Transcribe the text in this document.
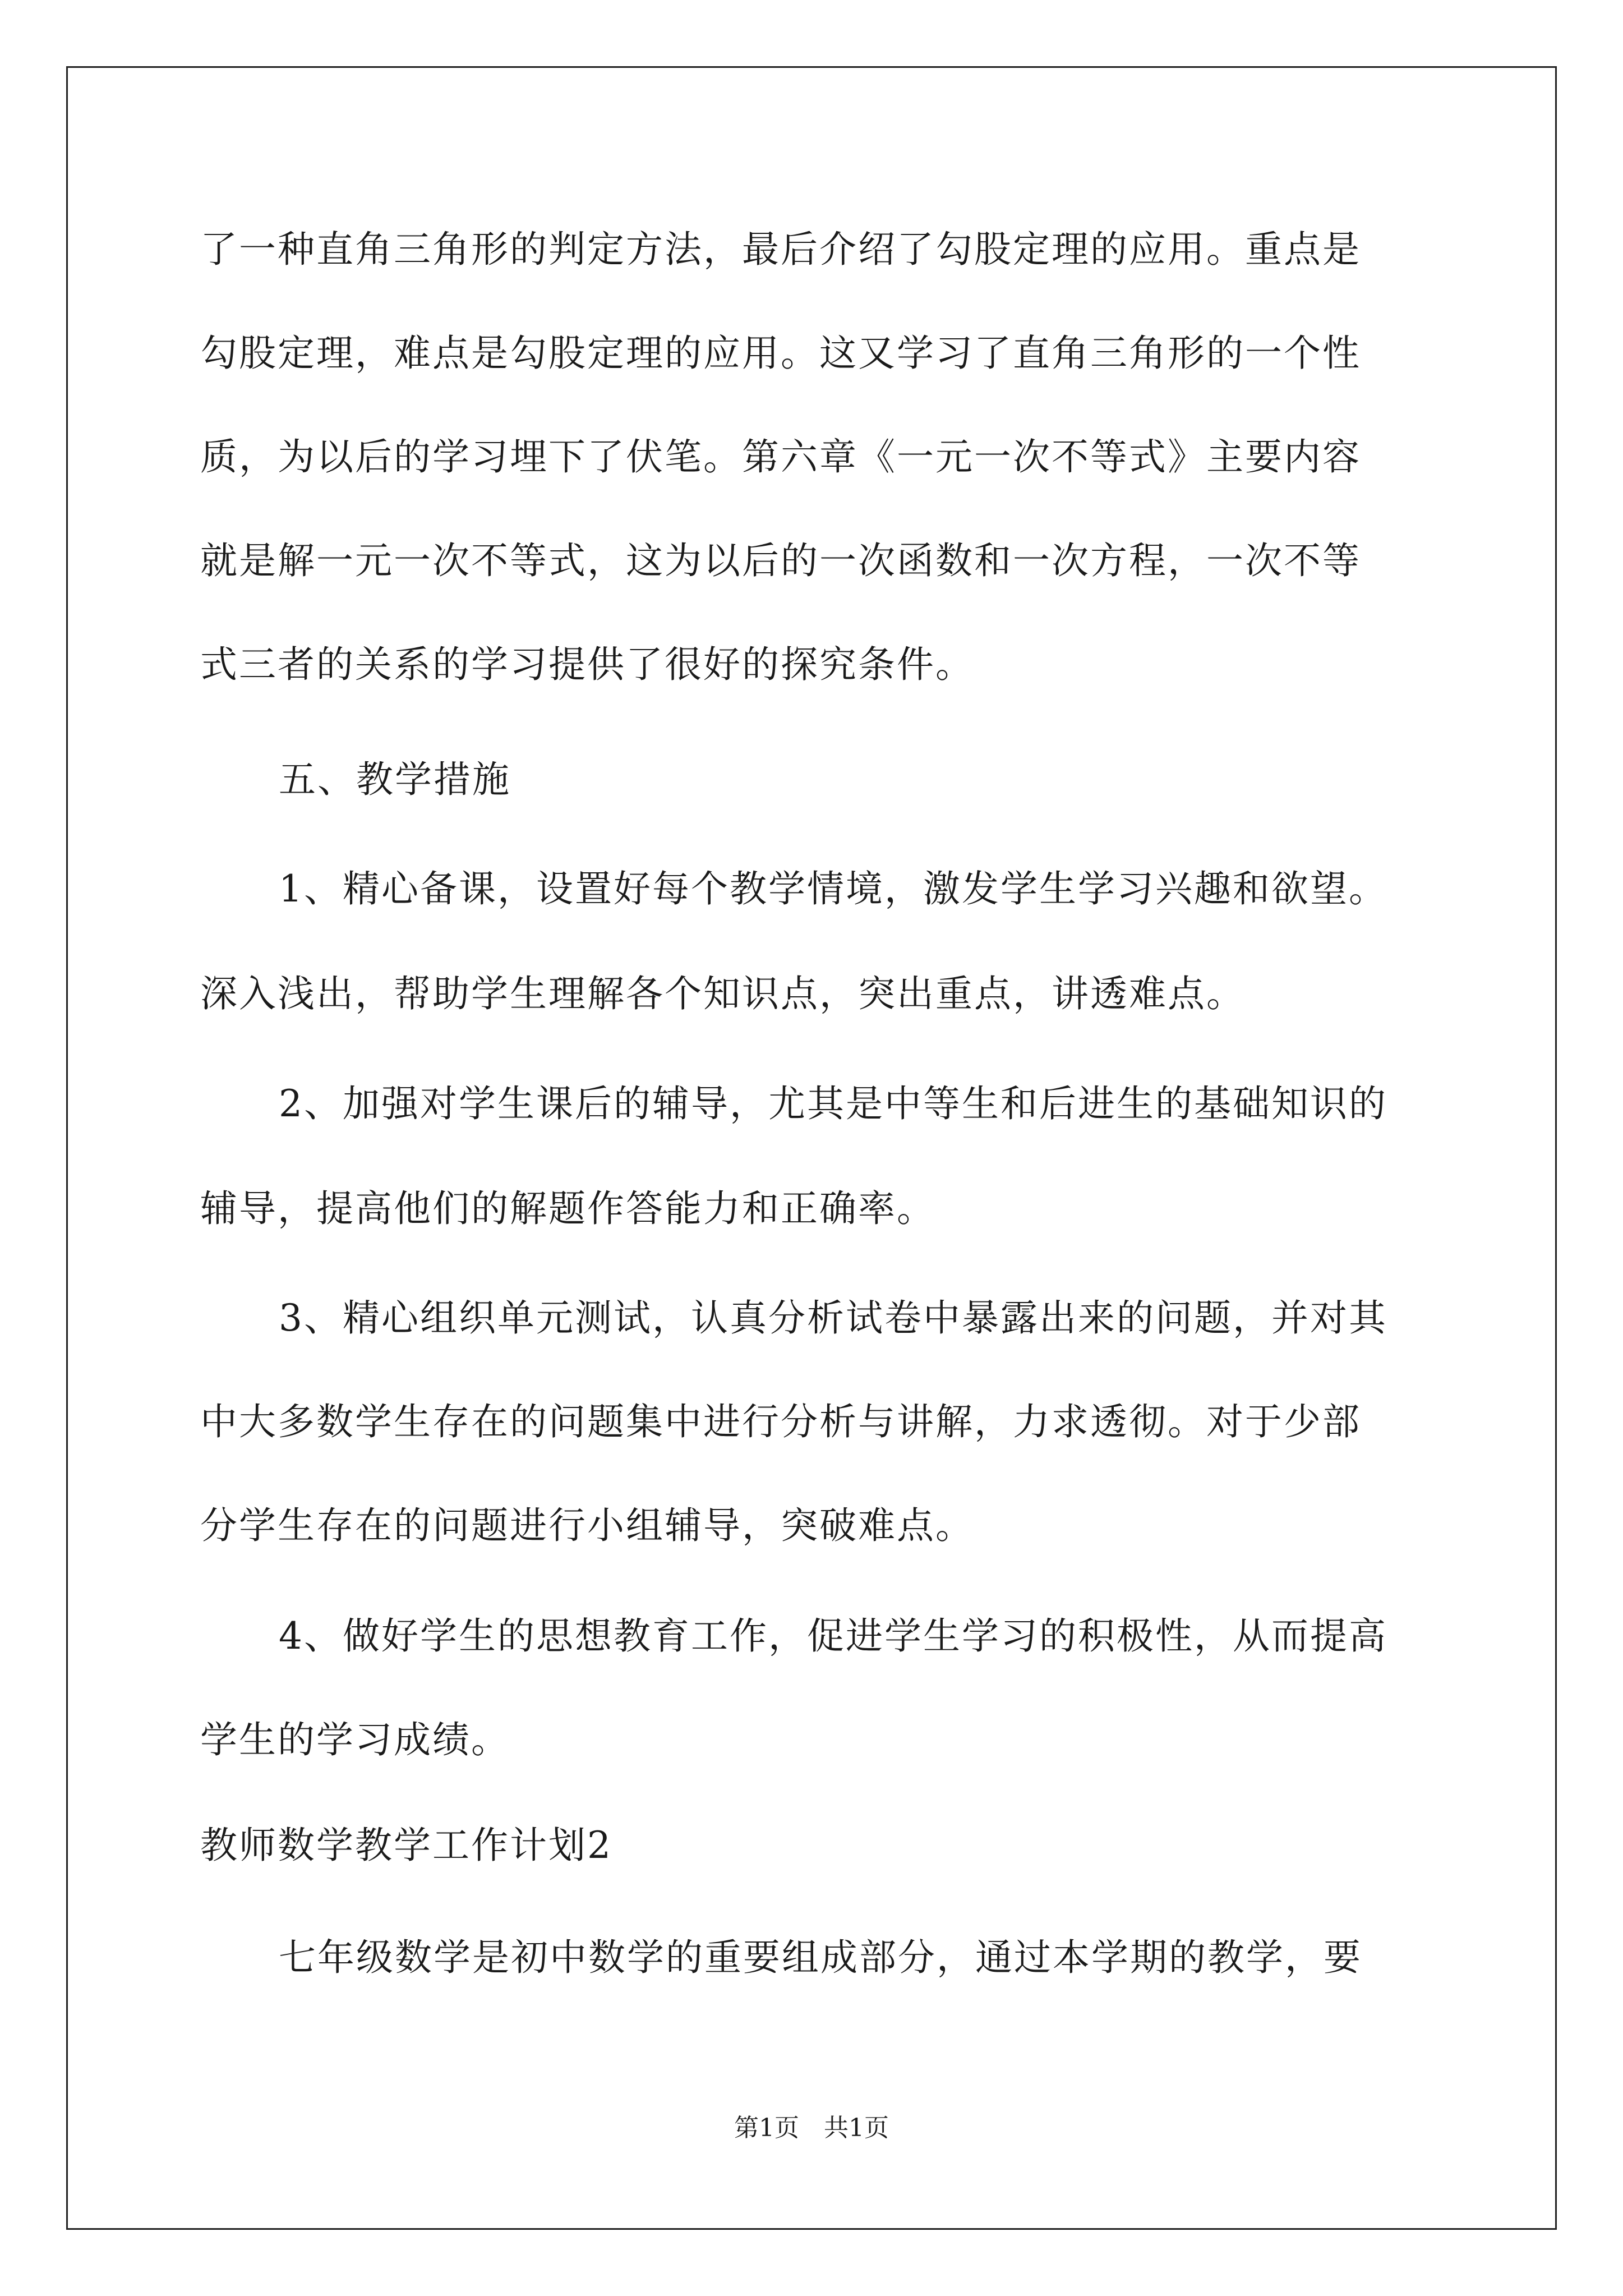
了一种直角三角形的判定方法，最后介绍了勾股定理的应用。重点是
勾股定理，难点是勾股定理的应用。这又学习了直角三角形的一个性
质，为以后的学习埋下了伏笔。第六章《一元一次不等式》主要内容
就是解一元一次不等式，这为以后的一次函数和一次方程，一次不等
式三者的关系的学习提供了很好的探究条件。
五、教学措施
1、精心备课，设置好每个教学情境，激发学生学习兴趣和欲望。
深入浅出，帮助学生理解各个知识点，突出重点，讲透难点。
2、加强对学生课后的辅导，尤其是中等生和后进生的基础知识的
辅导，提高他们的解题作答能力和正确率。
3、精心组织单元测试，认真分析试卷中暴露出来的问题，并对其
中大多数学生存在的问题集中进行分析与讲解，力求透彻。对于少部
分学生存在的问题进行小组辅导，突破难点。
4、做好学生的思想教育工作，促进学生学习的积极性，从而提高
学生的学习成绩。
教师数学教学工作计划2
七年级数学是初中数学的重要组成部分，通过本学期的教学，要
第1页　共1页
